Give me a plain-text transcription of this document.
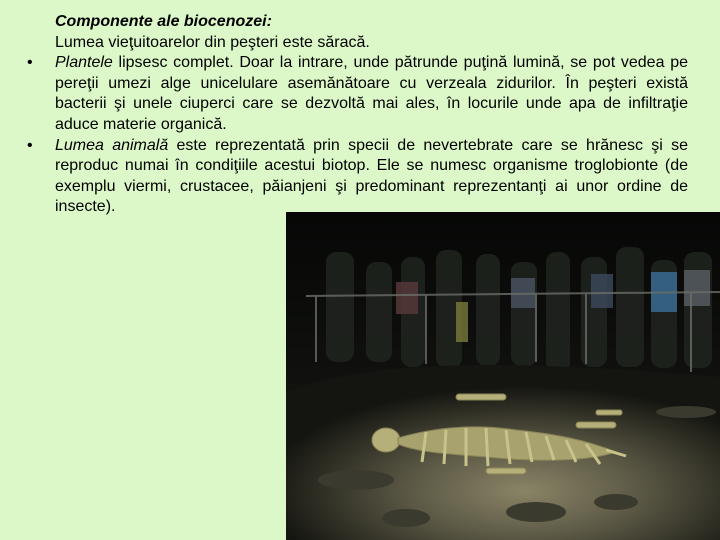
Componente ale biocenozei:
Lumea vieţuitoarelor din peşteri este săracă.
•	Plantele lipsesc complet. Doar la intrare, unde pătrunde puţină lumină, se pot vedea pe pereţii umezi alge unicelulare asemănătoare cu verzeala zidurilor. În peşteri există bacterii şi unele ciuperci care se dezvoltă mai ales, în locurile unde apa de infiltraţie aduce materie organică.
•	Lumea animală este reprezentată prin specii de nevertebrate care se hrănesc şi se reproduc numai în condiţiile acestui biotop. Ele se numesc organisme troglobionte (de exemplu viermi, crustacee, păianjeni şi predominant reprezentanţi ai unor ordine de insecte).
